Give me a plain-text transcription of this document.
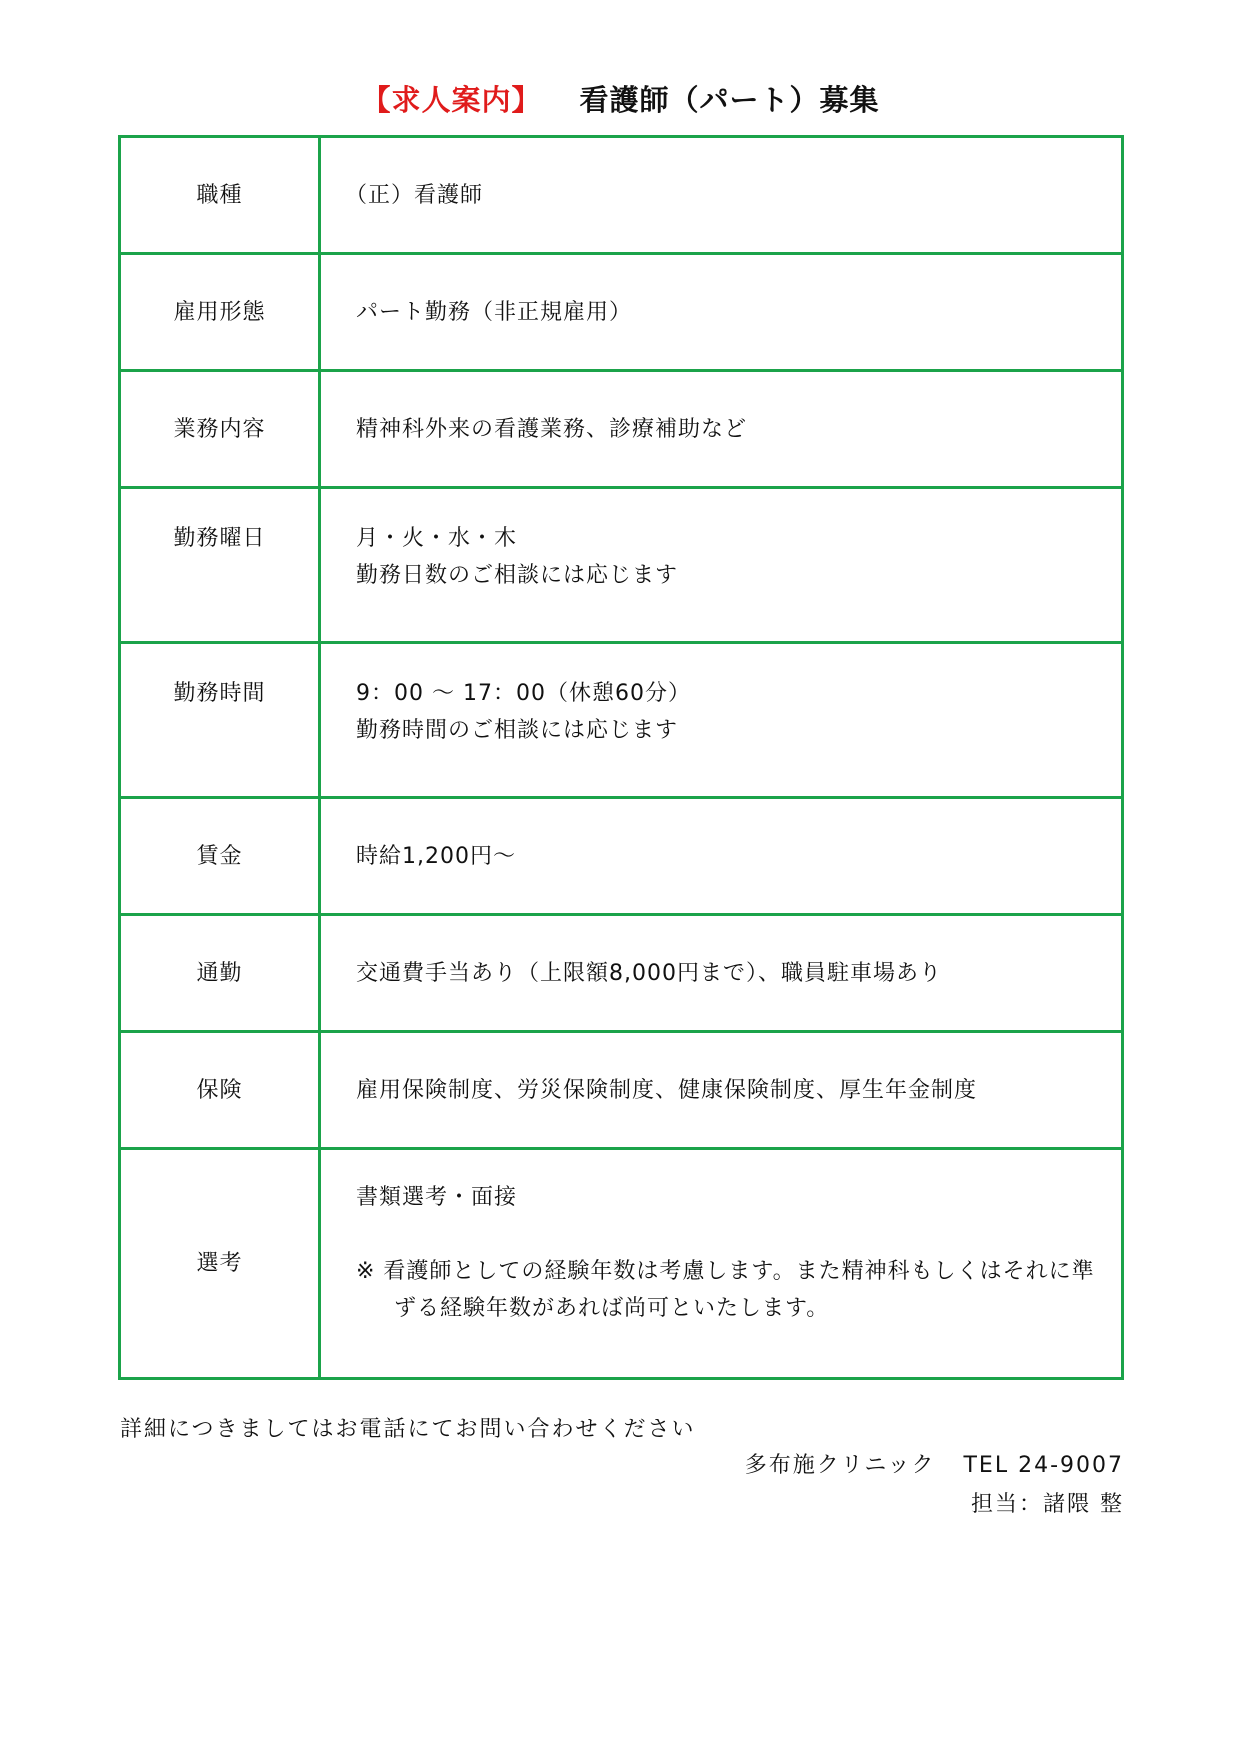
【求人案内】 看護師（パート）募集
職種	（正）看護師

雇用形態	パート勤務（非正規雇用）

業務内容	精神科外来の看護業務、診療補助など

勤務曜日	月・火・水・木
勤務日数のご相談には応じます

勤務時間	9：00 ～ 17：00（休憩60分）
勤務時間のご相談には応じます

賃金	時給1,200円～

通勤	交通費手当あり（上限額8,000円まで）、職員駐車場あり

保険	雇用保険制度、労災保険制度、健康保険制度、厚生年金制度

選考	書類選考・面接
※ 看護師としての経験年数は考慮します。また精神科もしくはそれに準ずる経験年数があれば尚可といたします。
詳細につきましてはお電話にてお問い合わせください
多布施クリニック TEL 24-9007
担当：諸隈 整
